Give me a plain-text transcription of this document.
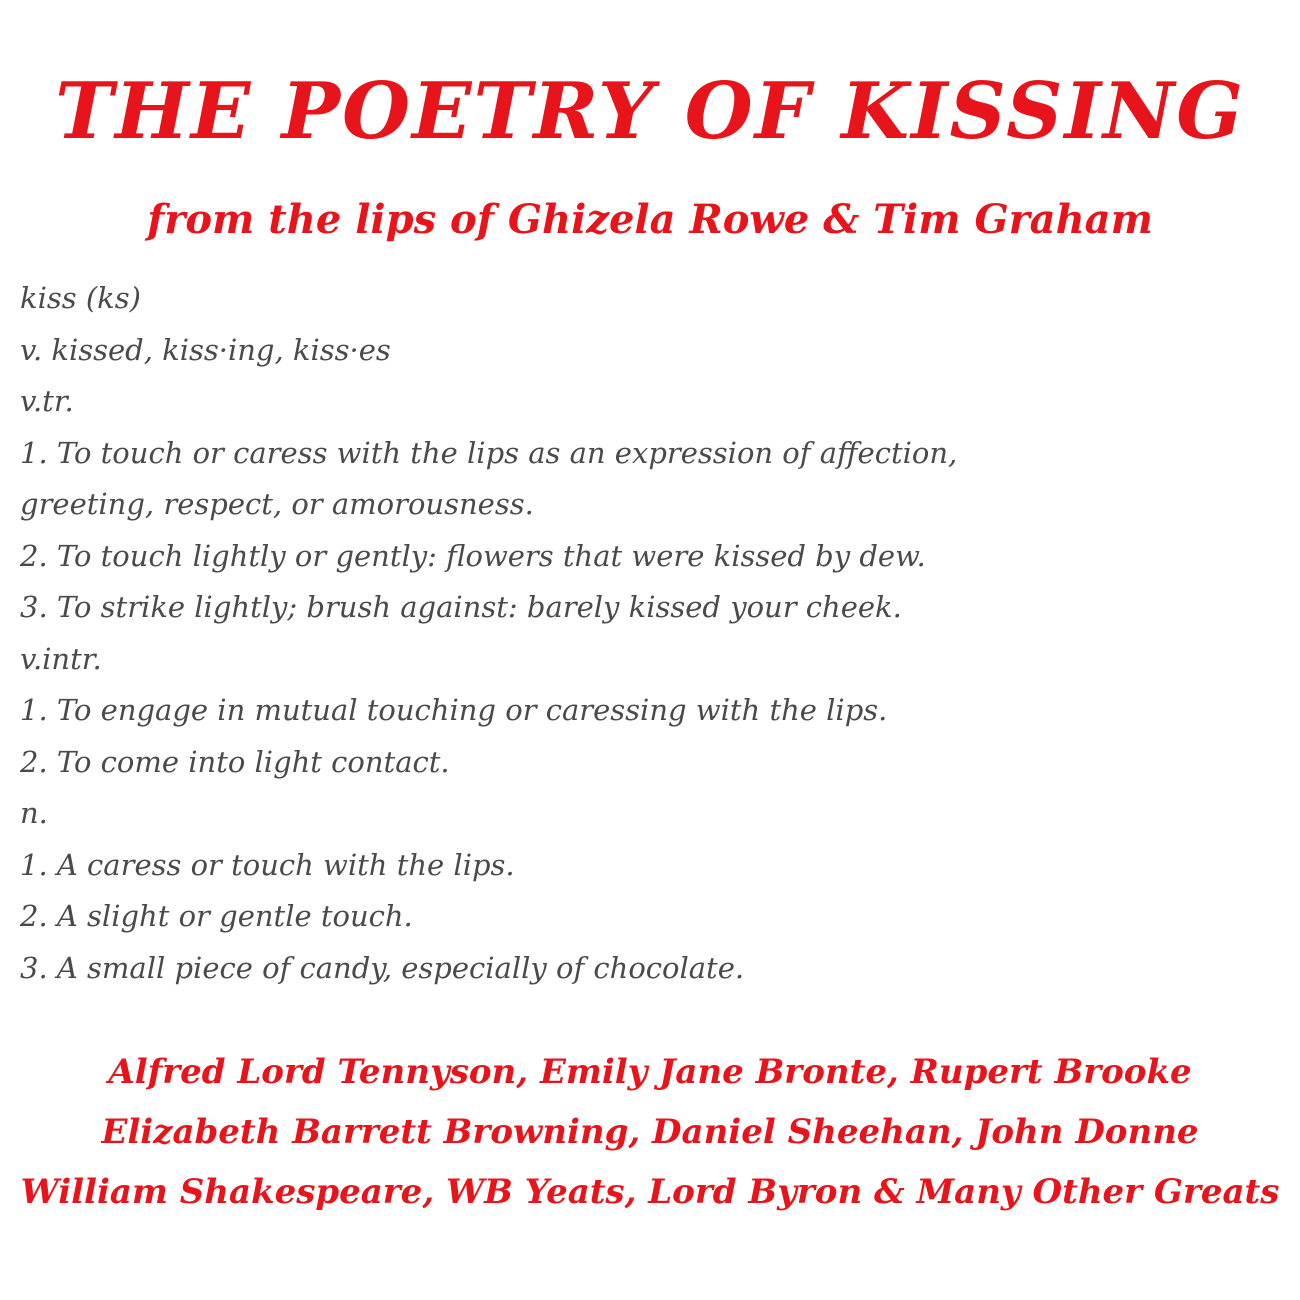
THE POETRY OF KISSING
from the lips of Ghizela Rowe & Tim Graham
kiss (ks)
v. kissed, kiss·ing, kiss·es
v.tr.
1. To touch or caress with the lips as an expression of affection,
greeting, respect, or amorousness.
2. To touch lightly or gently: flowers that were kissed by dew.
3. To strike lightly; brush against: barely kissed your cheek.
v.intr.
1. To engage in mutual touching or caressing with the lips.
2. To come into light contact.
n.
1. A caress or touch with the lips.
2. A slight or gentle touch.
3. A small piece of candy, especially of chocolate.
Alfred Lord Tennyson, Emily Jane Bronte, Rupert Brooke
Elizabeth Barrett Browning, Daniel Sheehan, John Donne
William Shakespeare, WB Yeats, Lord Byron & Many Other Greats
